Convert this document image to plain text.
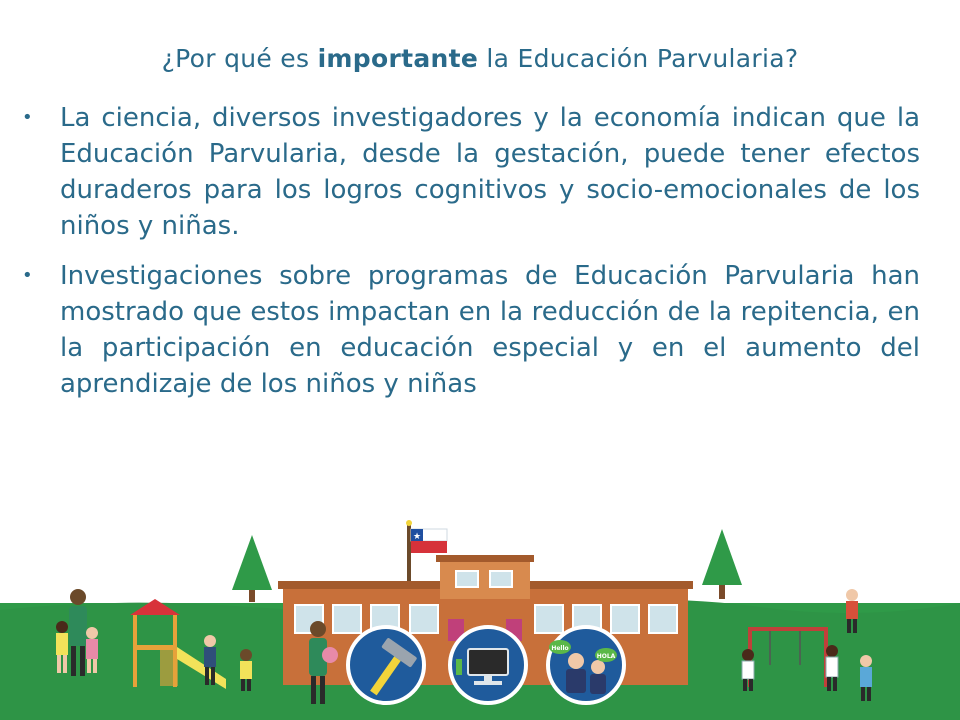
¿Por qué es importante la Educación Parvularia?
• La ciencia, diversos investigadores y la economía indican que la Educación Parvularia, desde la gestación, puede tener efectos duraderos para los logros cognitivos y socio-emocionales de los niños y niñas.
• Investigaciones sobre programas de Educación Parvularia han mostrado que estos impactan en la reducción de la repitencia, en la participación en educación especial y en el aumento del aprendizaje de los niños y niñas
★
Hello
HOLA
